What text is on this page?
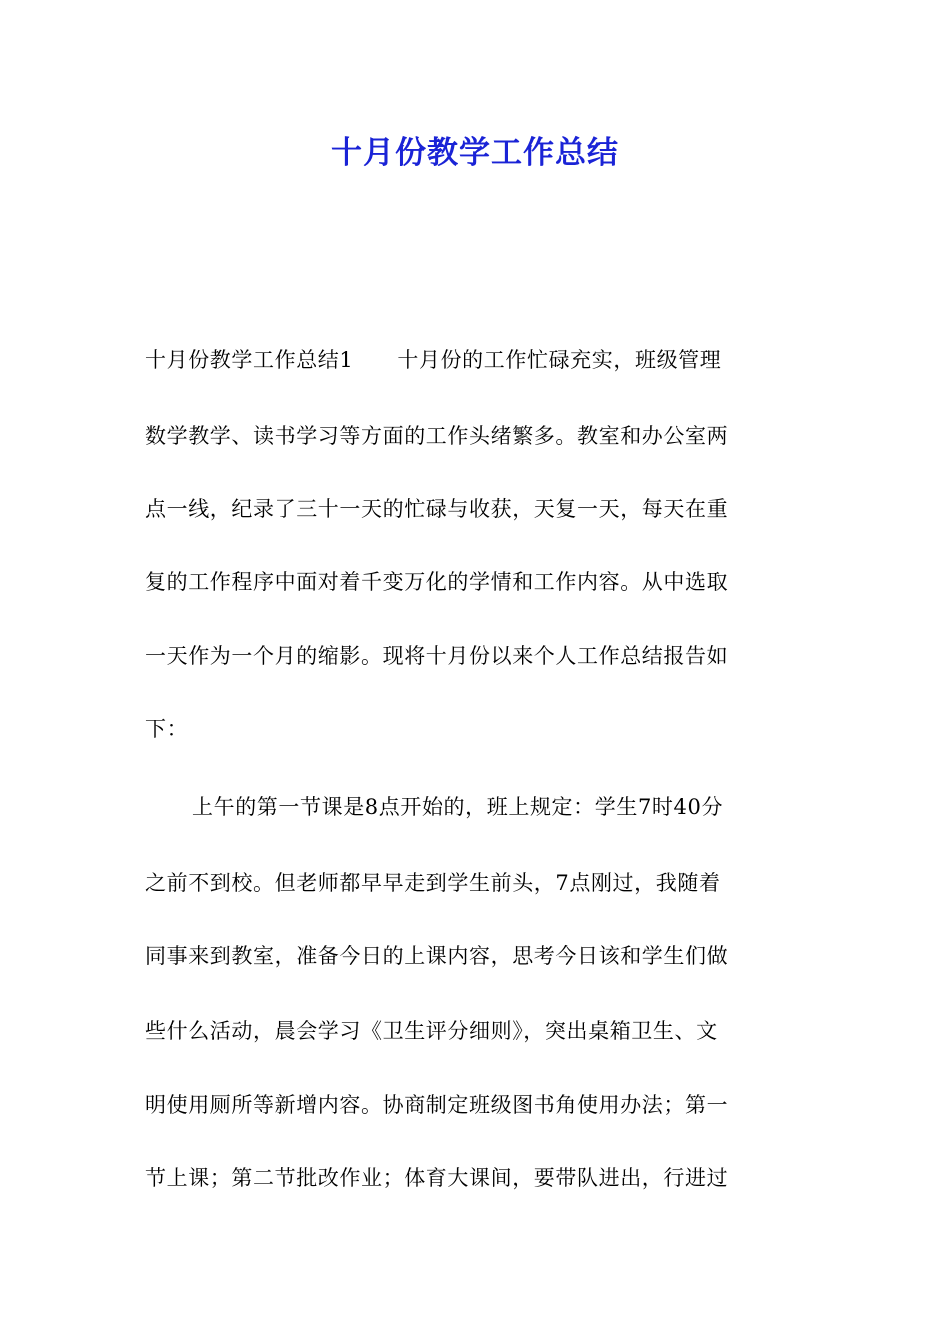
十月份教学工作总结
十月份教学工作总结1 十月份的工作忙碌充实，班级管理
数学教学、读书学习等方面的工作头绪繁多。教室和办公室两
点一线，纪录了三十一天的忙碌与收获，天复一天，每天在重
复的工作程序中面对着千变万化的学情和工作内容。从中选取
一天作为一个月的缩影。现将十月份以来个人工作总结报告如
下：
上午的第一节课是8点开始的，班上规定：学生7时40分
之前不到校。但老师都早早走到学生前头，7点刚过，我随着
同事来到教室，准备今日的上课内容，思考今日该和学生们做
些什么活动，晨会学习《卫生评分细则》，突出桌箱卫生、文
明使用厕所等新增内容。协商制定班级图书角使用办法；第一
节上课；第二节批改作业；体育大课间，要带队进出，行进过
